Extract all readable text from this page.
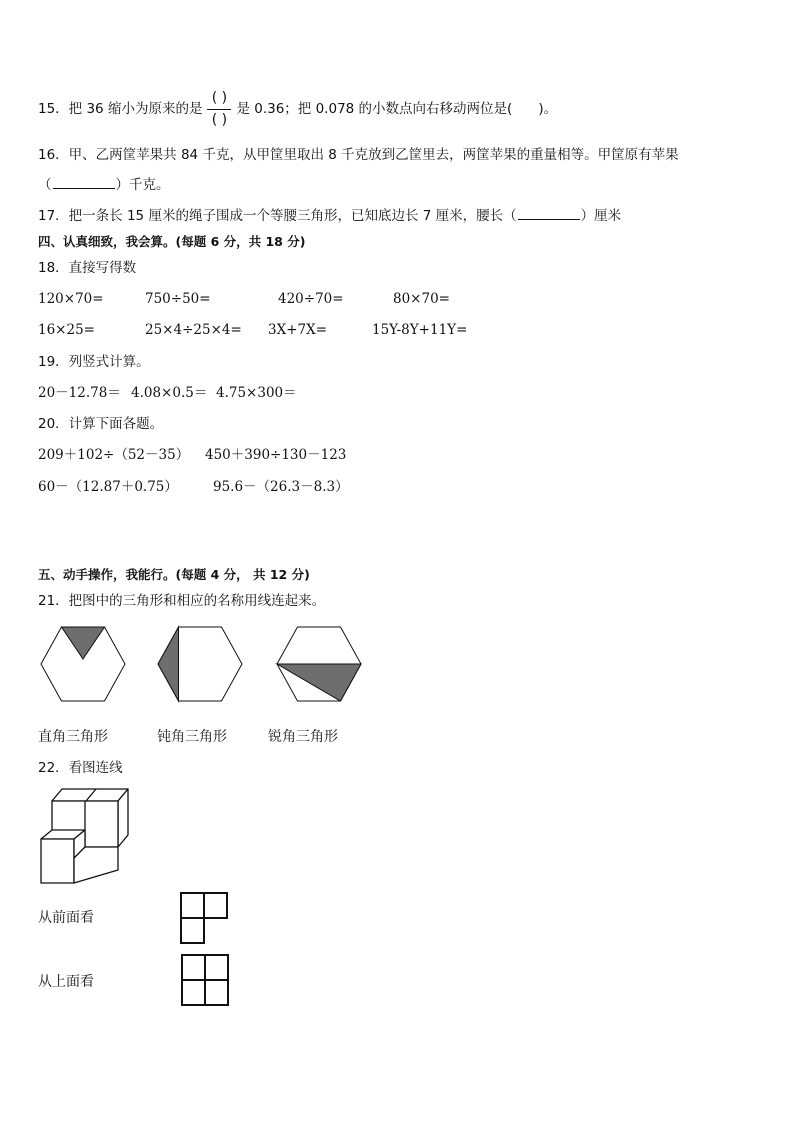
15．把 36 缩小为原来的是 $\frac{( )}{( )}$ 是 0.36；把 0.078 的小数点向右移动两位是( )。
16．甲、乙两筐苹果共 84 千克，从甲筐里取出 8 千克放到乙筐里去，两筐苹果的重量相等。甲筐原有苹果
（	）千克。
17．把一条长 15 厘米的绳子围成一个等腰三角形，已知底边长 7 厘米，腰长（	）厘米
四、认真细致，我会算。(每题 6 分，共 18 分)
18．直接写得数
120×70=	750÷50=	420÷70=	80×70=
16×25=	25×4÷25×4= 3X+7X=	15Y-8Y+11Y=
19．列竖式计算。
20－12.78＝ 4.08×0.5＝ 4.75×300＝
20．计算下面各题。
209＋102÷（52－35） 450＋390÷130－123
60－（12.87＋0.75）	95.6－（26.3－8.3）
五、动手操作，我能行。(每题 4 分， 共 12 分)
21．把图中的三角形和相应的名称用线连起来。
直角三角形	钝角三角形	锐角三角形
22．看图连线
从前面看
从上面看
